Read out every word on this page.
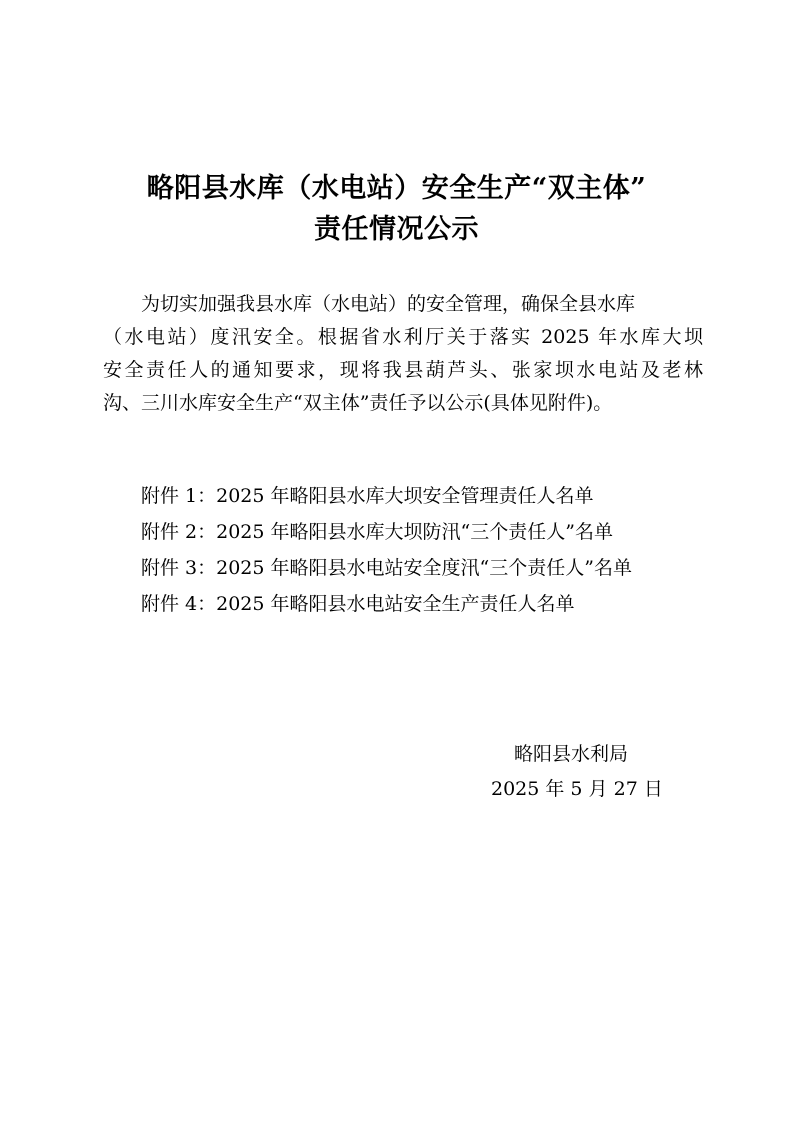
略阳县水库（水电站）安全生产“双主体”
责任情况公示
为切实加强我县水库（水电站）的安全管理，确保全县水库
（水电站）度汛安全。根据省水利厅关于落实 2025 年水库大坝
安全责任人的通知要求，现将我县葫芦头、张家坝水电站及老林
沟、三川水库安全生产“双主体”责任予以公示(具体见附件)。
附件 1：2025 年略阳县水库大坝安全管理责任人名单
附件 2：2025 年略阳县水库大坝防汛“三个责任人”名单
附件 3：2025 年略阳县水电站安全度汛“三个责任人”名单
附件 4：2025 年略阳县水电站安全生产责任人名单
略阳县水利局
2025 年 5 月 27 日
